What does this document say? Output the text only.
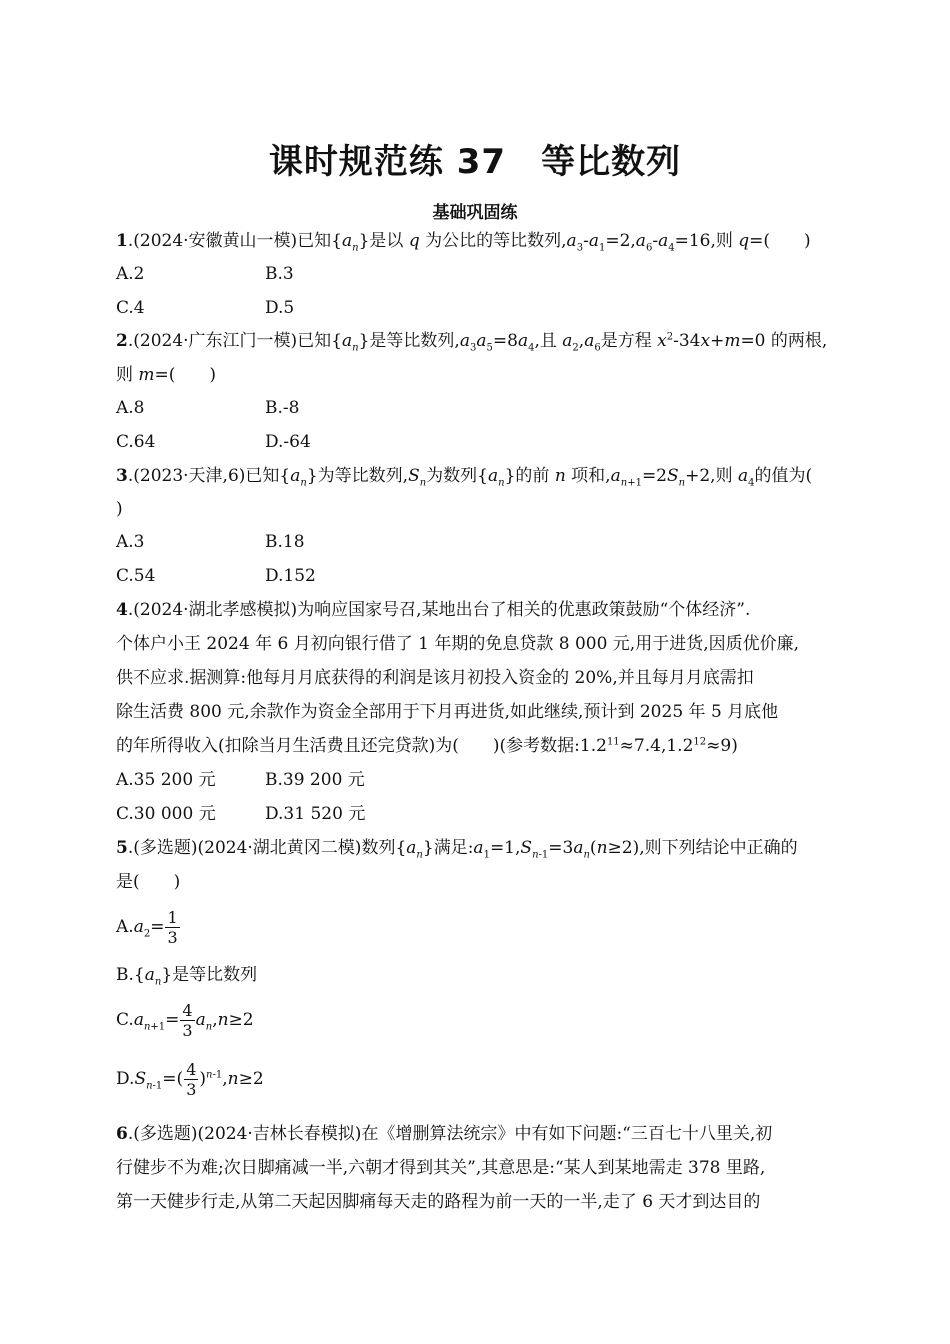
课时规范练 37　等比数列
基础巩固练
1.(2024·安徽黄山一模)已知$\{a_n\}$是以 q 为公比的等比数列$,a_3-a_1=2,a_6-a_4=16$,则 q=(　　)
A.2	B.3
C.4	D.5
2.(2024·广东江门一模)已知$\{a_n\}$是等比数列$,a_3a_5=8a_4$,且 $a_2,a_6$是方程 $x^2-34x+m=0$ 的两根,
则 m=(　　)
A.8	B.-8
C.64	D.-64
3.(2023·天津,6)已知$\{a_n\}$为等比数列$,S_n$为数列$\{a_n\}$的前 n 项和$,a_{n+1}=2S_n+2$,则 $a_4$的值为(
)
A.3	B.18
C.54	D.152
4.(2024·湖北孝感模拟)为响应国家号召,某地出台了相关的优惠政策鼓励“个体经济”.
个体户小王 2024 年 6 月初向银行借了 1 年期的免息贷款 8 000 元,用于进货,因质优价廉,
供不应求.据测算:他每月月底获得的利润是该月初投入资金的 20%,并且每月月底需扣
除生活费 800 元,余款作为资金全部用于下月再进货,如此继续,预计到 2025 年 5 月底他
的年所得收入(扣除当月生活费且还完贷款)为(　　)(参考数据$:1.2^{11}\approx 7.4,1.2^{12}\approx 9$)
A.35 200 元	B.39 200 元
C.30 000 元	D.31 520 元
5.(多选题)(2024·湖北黄冈二模)数列$\{a_n\}$满足$:a_1=1,S_{n-1}=3a_n(n\ge 2)$,则下列结论中正确的
是(　　)
$A.a_2= \frac{1}{3}$
$B.\{a_n\}$是等比数列
$C.a_{n+1}= \frac{4}{3} a_n,n\ge 2$
$D.S_{n-1}=( \frac{4}{3} )^{n-1},n\ge 2$
6.(多选题)(2024·吉林长春模拟)在《增删算法统宗》中有如下问题:“三百七十八里关,初
行健步不为难;次日脚痛减一半,六朝才得到其关”,其意思是:“某人到某地需走 378 里路,
第一天健步行走,从第二天起因脚痛每天走的路程为前一天的一半,走了 6 天才到达目的
